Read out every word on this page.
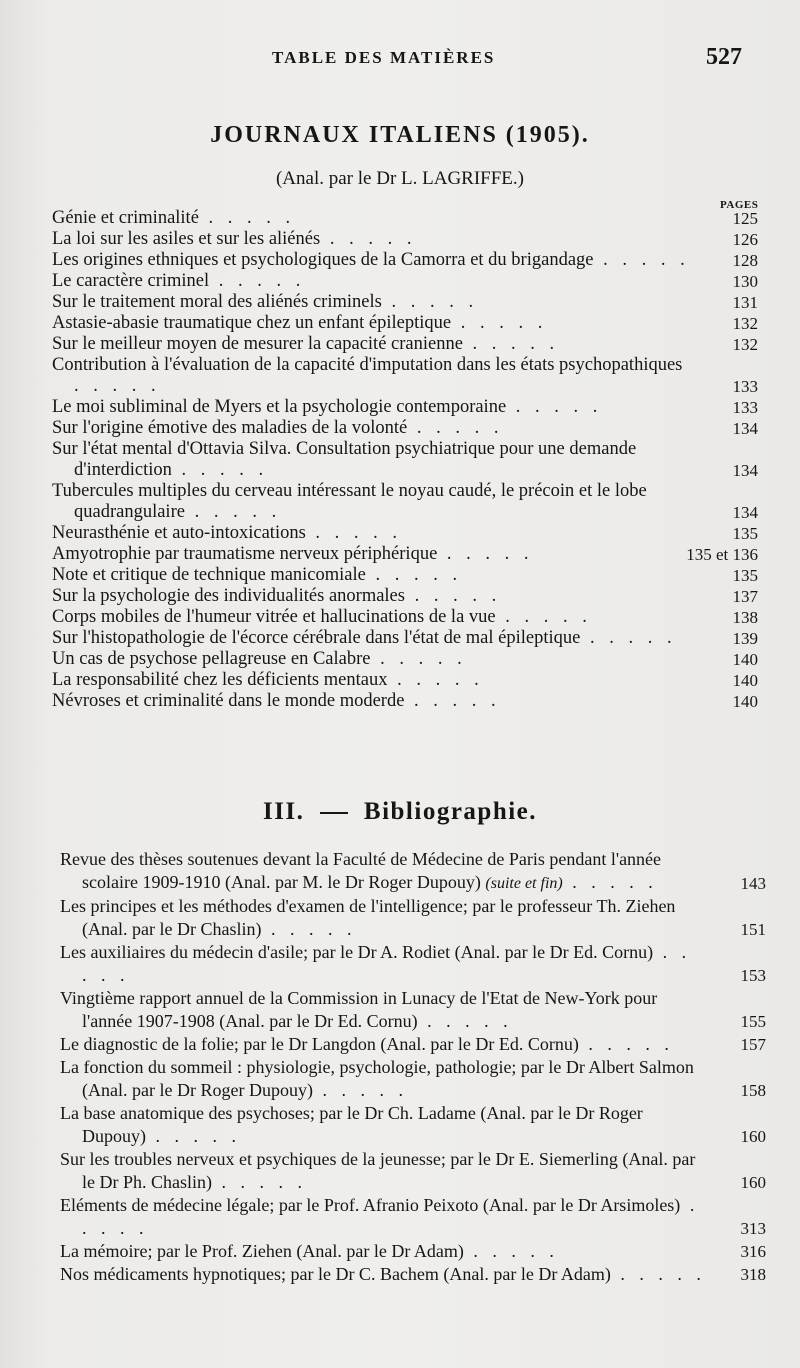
TABLE DES MATIÈRES	527
JOURNAUX ITALIENS (1905).
(Anal. par le Dr L. LAGRIFFE.)
PAGES
Génie et criminalité . . . . .	125
La loi sur les asiles et sur les aliénés . . . . .	126
Les origines ethniques et psychologiques de la Camorra et du brigandage . . . . .	128
Le caractère criminel . . . . .	130
Sur le traitement moral des aliénés criminels . . . . .	131
Astasie-abasie traumatique chez un enfant épileptique . . . . .	132
Sur le meilleur moyen de mesurer la capacité cranienne . . . . .	132
Contribution à l'évaluation de la capacité d'imputation dans les états psychopathiques . . . . .	133
Le moi subliminal de Myers et la psychologie contemporaine . . . . .	133
Sur l'origine émotive des maladies de la volonté . . . . .	134
Sur l'état mental d'Ottavia Silva. Consultation psychiatrique pour une demande d'interdiction . . . . .	134
Tubercules multiples du cerveau intéressant le noyau caudé, le précoin et le lobe quadrangulaire . . . . .	134
Neurasthénie et auto-intoxications . . . . .	135
Amyotrophie par traumatisme nerveux périphérique . . . . .	135 et 136
Note et critique de technique manicomiale . . . . .	135
Sur la psychologie des individualités anormales . . . . .	137
Corps mobiles de l'humeur vitrée et hallucinations de la vue . . . . .	138
Sur l'histopathologie de l'écorce cérébrale dans l'état de mal épileptique . . . . .	139
Un cas de psychose pellagreuse en Calabre . . . . .	140
La responsabilité chez les déficients mentaux . . . . .	140
Névroses et criminalité dans le monde moderde . . . . .	140
III. Bibliographie.
Revue des thèses soutenues devant la Faculté de Médecine de Paris pendant l'année scolaire 1909-1910 (Anal. par M. le Dr Roger Dupouy) (suite et fin) . . . . .	143
Les principes et les méthodes d'examen de l'intelligence; par le professeur Th. Ziehen (Anal. par le Dr Chaslin) . . . . .	151
Les auxiliaires du médecin d'asile; par le Dr A. Rodiet (Anal. par le Dr Ed. Cornu) . . . . .	153
Vingtième rapport annuel de la Commission in Lunacy de l'Etat de New-York pour l'année 1907-1908 (Anal. par le Dr Ed. Cornu) . . . . .	155
Le diagnostic de la folie; par le Dr Langdon (Anal. par le Dr Ed. Cornu) . . . . .	157
La fonction du sommeil : physiologie, psychologie, pathologie; par le Dr Albert Salmon (Anal. par le Dr Roger Dupouy) . . . . .	158
La base anatomique des psychoses; par le Dr Ch. Ladame (Anal. par le Dr Roger Dupouy) . . . . .	160
Sur les troubles nerveux et psychiques de la jeunesse; par le Dr E. Siemerling (Anal. par le Dr Ph. Chaslin) . . . . .	160
Eléments de médecine légale; par le Prof. Afranio Peixoto (Anal. par le Dr Arsimoles) . . . . .	313
La mémoire; par le Prof. Ziehen (Anal. par le Dr Adam) . . . . .	316
Nos médicaments hypnotiques; par le Dr C. Bachem (Anal. par le Dr Adam) . . . . . 318
